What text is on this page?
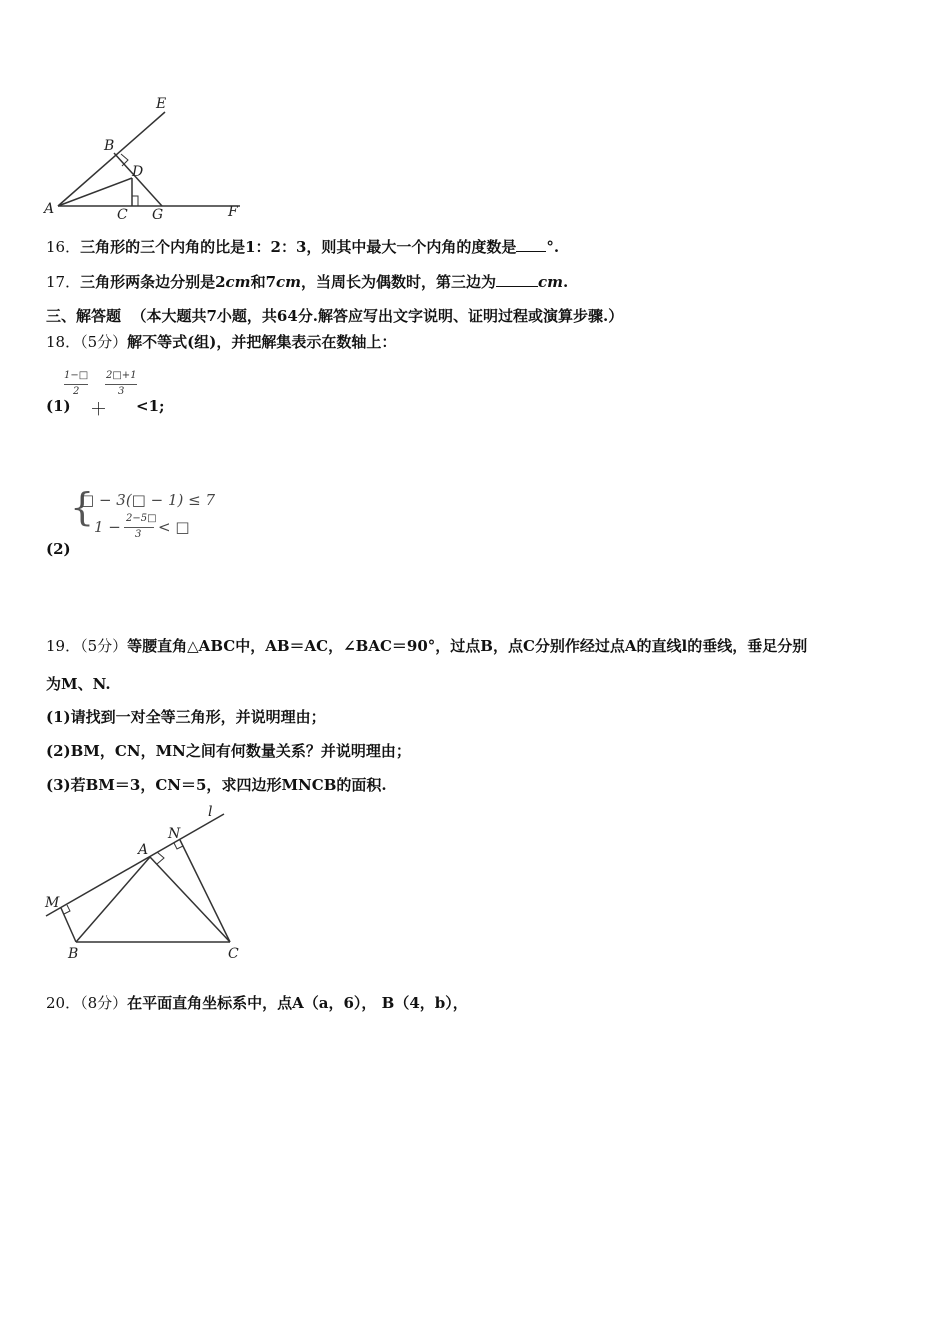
E
B
D
A	C G	F
16．三角形的三个内角的比是1：2：3，则其中最大一个内角的度数是 °.
17．三角形两条边分别是2cm和7cm，当周长为偶数时，第三边为	cm.
三、解答题 （本大题共7小题，共64分.解答应写出文字说明、证明过程或演算步骤.）
18．（5分）解不等式(组)，并把解集表示在数轴上：
(1)
1−□
2
＋
2□+1
3
<1;
{
□ − 3(□ − 1) ≤ 7
1 − 2−5□
3 < □
(2)
19．（5分）等腰直角△ABC中，AB＝AC，∠BAC＝90°，过点B，点C分别作经过点A的直线l的垂线，垂足分别
为M、N.
(1)请找到一对全等三角形，并说明理由；
(2)BM，CN，MN之间有何数量关系？并说明理由；
(3)若BM＝3，CN＝5，求四边形MNCB的面积.
l
N
A
M
B	C
20．（8分）在平面直角坐标系中，点A（a，6）， B（4，b），
